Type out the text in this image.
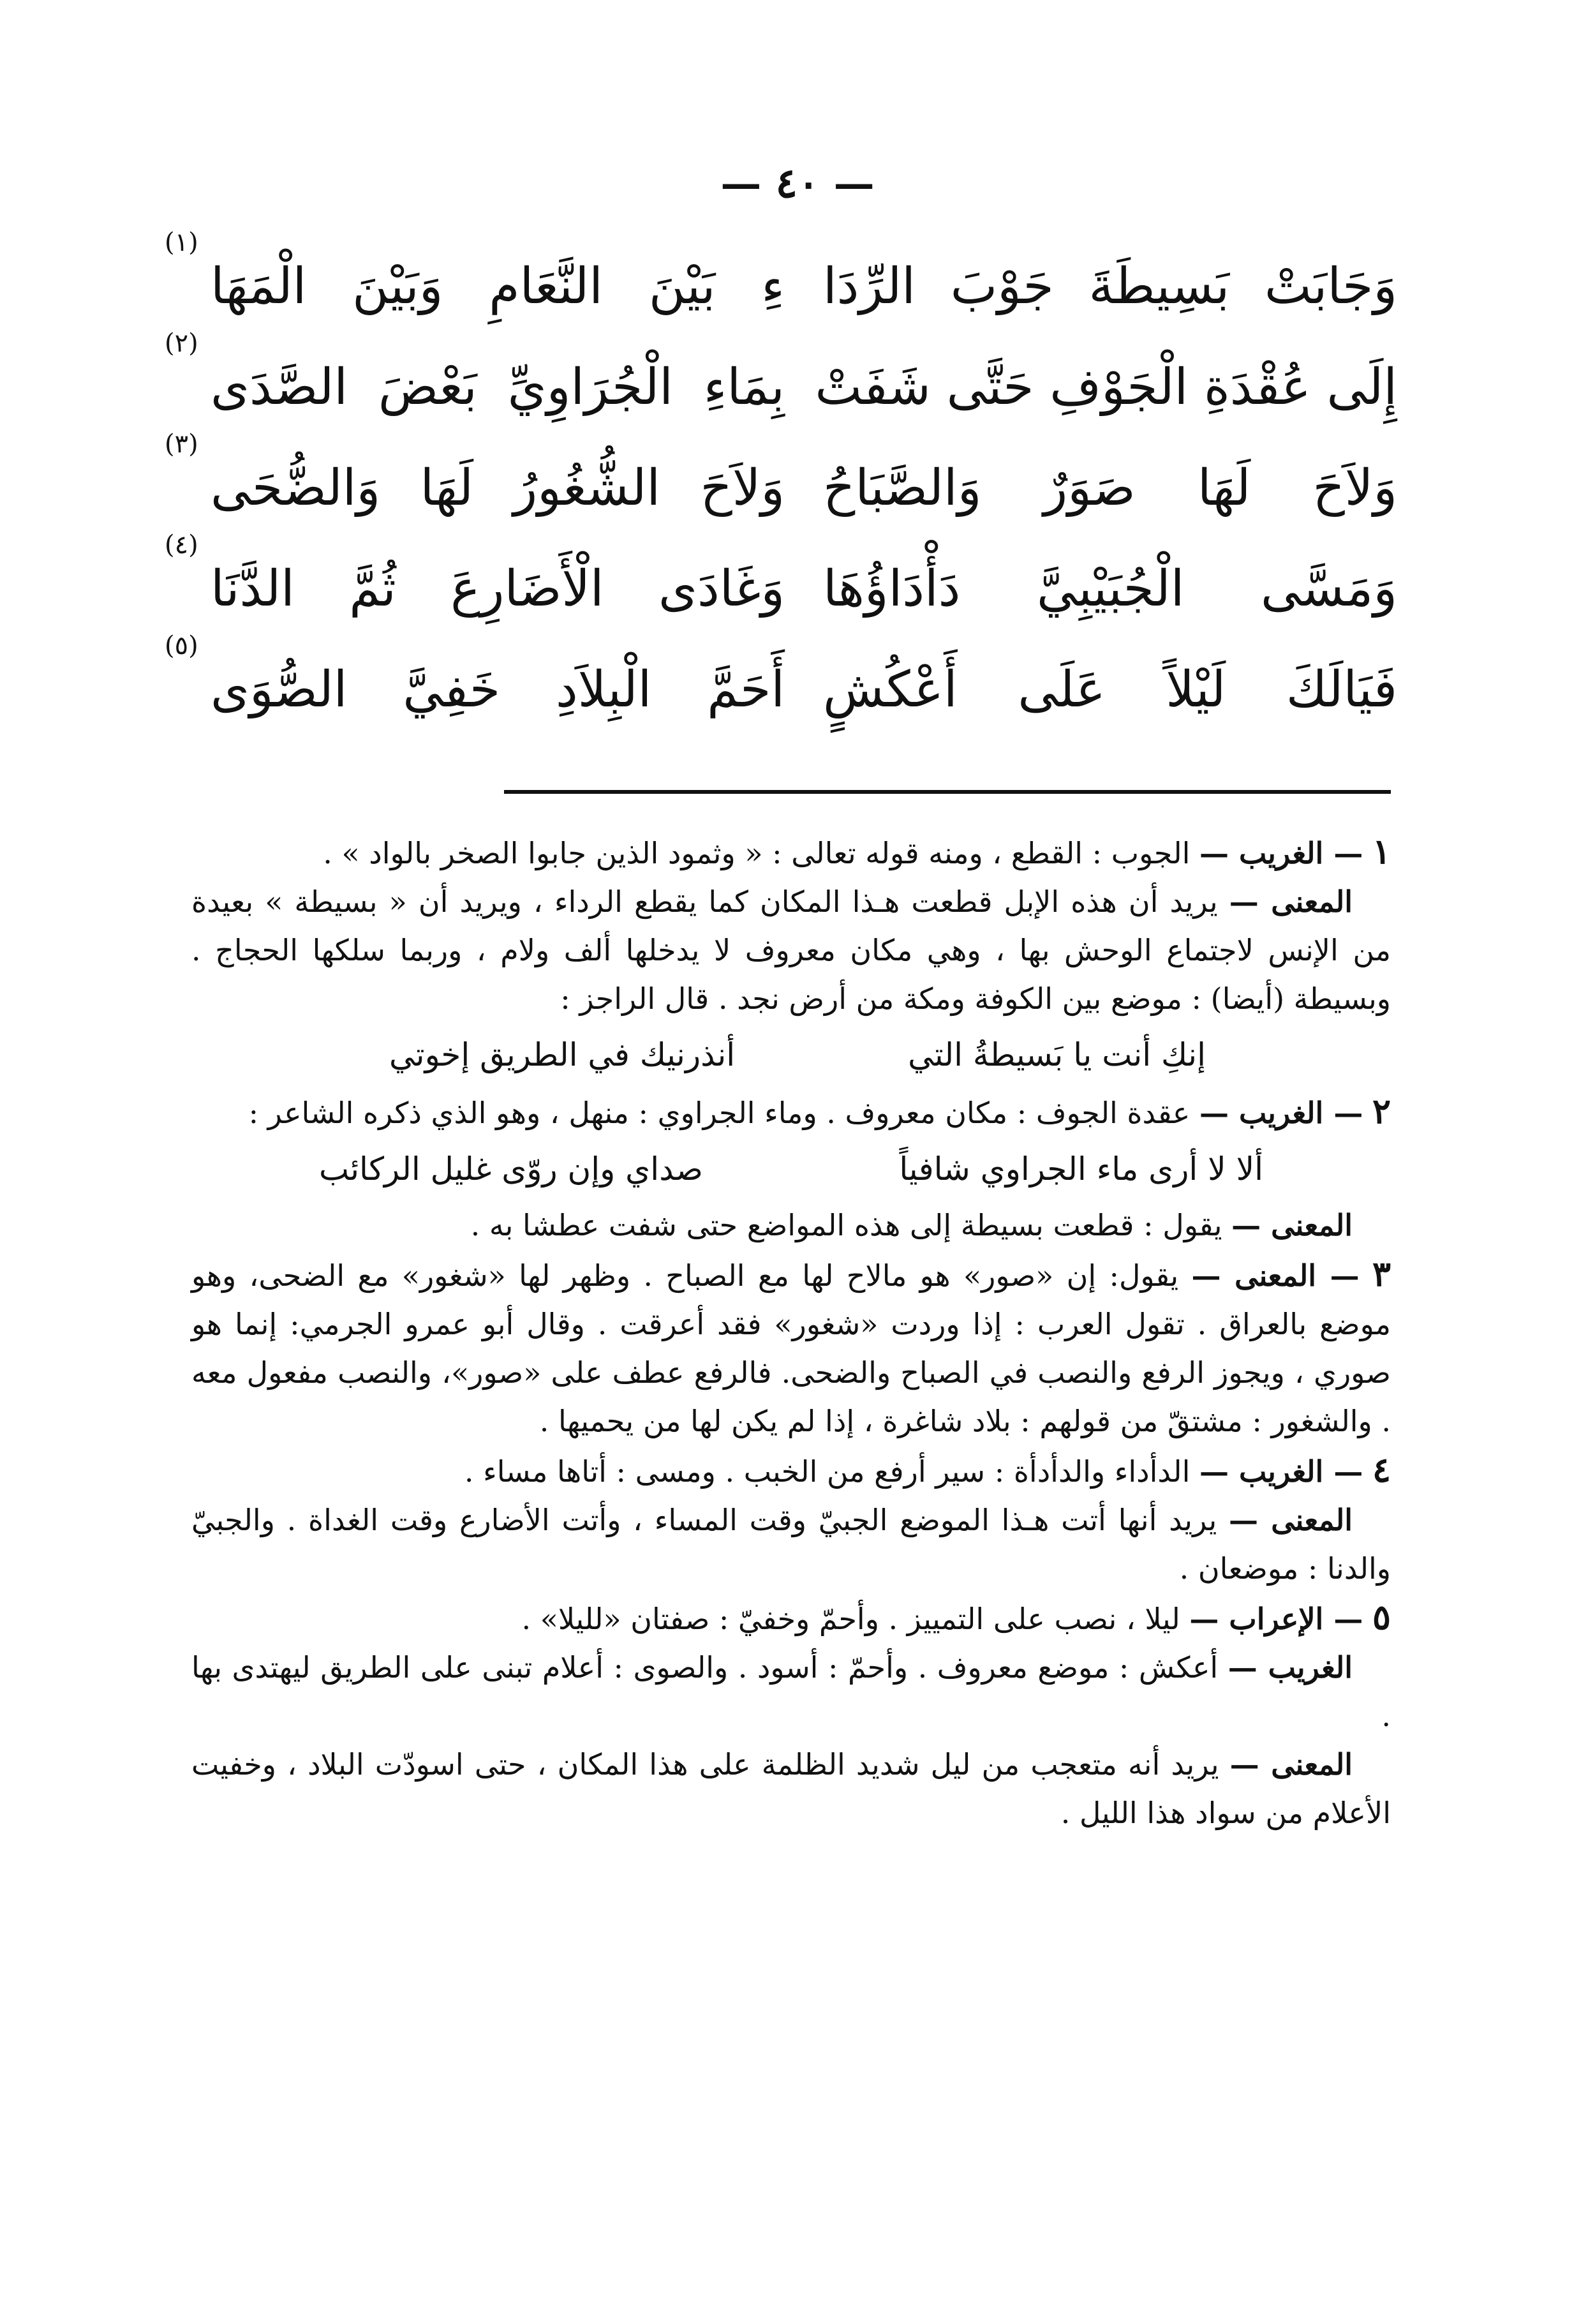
— ٤٠ —
وَجَابَتْ بَسِيطَةَ جَوْبَ الرِّدَا
ءِ بَيْنَ النَّعَامِ وَبَيْنَ الْمَهَا
(١)
إِلَى عُقْدَةِ الْجَوْفِ حَتَّى شَفَتْ
بِمَاءِ الْجُرَاوِيِّ بَعْضَ الصَّدَى
(٢)
وَلاَحَ لَهَا صَوَرٌ وَالصَّبَاحُ
وَلاَحَ الشُّغُورُ لَهَا وَالضُّحَى
(٣)
وَمَسَّى الْجُبَيْبِيَّ دَأْدَاؤُهَا
وَغَادَى الْأَضَارِعَ ثُمَّ الدَّنَا
(٤)
فَيَالَكَ لَيْلاً عَلَى أَعْكُشٍ
أَحَمَّ الْبِلاَدِ خَفِيَّ الصُّوَى
(٥)

١ — الغريب — الجوب : القطع ، ومنه قوله تعالى : « وثمود الذين جابوا الصخر بالواد » .

المعنى — يريد أن هذه الإبل قطعت هـذا المكان كما يقطع الرداء ، ويريد أن « بسيطة » بعيدة من الإنس لاجتماع الوحش بها ، وهي مكان معروف لا يدخلها ألف ولام ، وربما سلكها الحجاج . وبسيطة (أيضا) : موضع بين الكوفة ومكة من أرض نجد . قال الراجز :

إنكِ أنت يا بَسيطةُ التي
أنذرنيك في الطريق إخوتي

٢ — الغريب — عقدة الجوف : مكان معروف . وماء الجراوي : منهل ، وهو الذي ذكره الشاعر :

ألا لا أرى ماء الجراوي شافياً
صداي وإن روّى غليل الركائب

المعنى — يقول : قطعت بسيطة إلى هذه المواضع حتى شفت عطشا به .

٣ — المعنى — يقول: إن «صور» هو مالاح لها مع الصباح . وظهر لها «شغور» مع الضحى، وهو موضع بالعراق . تقول العرب : إذا وردت «شغور» فقد أعرقت . وقال أبو عمرو الجرمي: إنما هو صوري ، ويجوز الرفع والنصب في الصباح والضحى. فالرفع عطف على «صور»، والنصب مفعول معه . والشغور : مشتقّ من قولهم : بلاد شاغرة ، إذا لم يكن لها من يحميها .

٤ — الغريب — الدأداء والدأدأة : سير أرفع من الخبب . ومسى : أتاها مساء .

المعنى — يريد أنها أتت هـذا الموضع الجبيّ وقت المساء ، وأتت الأضارع وقت الغداة . والجبيّ والدنا : موضعان .

٥ — الإعراب — ليلا ، نصب على التمييز . وأحمّ وخفيّ : صفتان «لليلا» .

الغريب — أعكش : موضع معروف . وأحمّ : أسود . والصوى : أعلام تبنى على الطريق ليهتدى بها .

المعنى — يريد أنه متعجب من ليل شديد الظلمة على هذا المكان ، حتى اسودّت البلاد ، وخفيت الأعلام من سواد هذا الليل .
